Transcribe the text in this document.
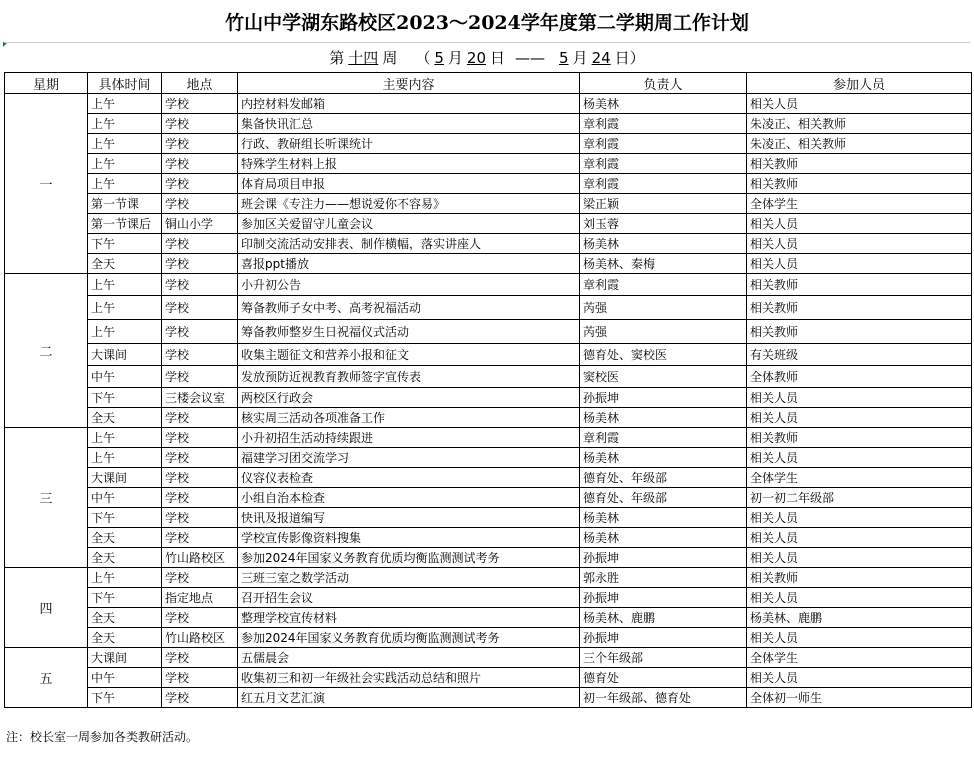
竹山中学湖东路校区2023～2024学年度第二学期周工作计划
第 十四 周 （ 5 月 20 日 —— 5 月 24 日 ）
星期	具体时间	地点	主要内容	负责人	参加人员
一	上午	学校	内控材料发邮箱	杨美林	相关人员
	上午	学校	集备快讯汇总	章利霞	朱凌正、相关教师
	上午	学校	行政、教研组长听课统计	章利霞	朱凌正、相关教师
	上午	学校	特殊学生材料上报	章利霞	相关教师
	上午	学校	体育局项目申报	章利霞	相关教师
	第一节课	学校	班会课《专注力——想说爱你不容易》	梁正颖	全体学生
	第一节课后	铜山小学	参加区关爱留守儿童会议	刘玉蓉	相关人员
	下午	学校	印制交流活动安排表、制作横幅，落实讲座人	杨美林	相关人员
	全天	学校	喜报ppt播放	杨美林、秦梅	相关人员
二	上午	学校	小升初公告	章利霞	相关教师
	上午	学校	筹备教师子女中考、高考祝福活动	芮强	相关教师
	上午	学校	筹备教师整岁生日祝福仪式活动	芮强	相关教师
	大课间	学校	收集主题征文和营养小报和征文	德育处、窦校医	有关班级
	中午	学校	发放预防近视教育教师签字宣传表	窦校医	全体教师
	下午	三楼会议室	两校区行政会	孙振坤	相关人员
	全天	学校	核实周三活动各项准备工作	杨美林	相关人员
三	上午	学校	小升初招生活动持续跟进	章利霞	相关教师
	上午	学校	福建学习团交流学习	杨美林	相关人员
	大课间	学校	仪容仪表检查	德育处、年级部	全体学生
	中午	学校	小组自治本检查	德育处、年级部	初一初二年级部
	下午	学校	快讯及报道编写	杨美林	相关人员
	全天	学校	学校宣传影像资料搜集	杨美林	相关人员
	全天	竹山路校区	参加2024年国家义务教育优质均衡监测测试考务	孙振坤	相关人员
四	上午	学校	三班三室之数学活动	郭永胜	相关教师
	下午	指定地点	召开招生会议	孙振坤	相关人员
	全天	学校	整理学校宣传材料	杨美林、鹿鹏	杨美林、鹿鹏
	全天	竹山路校区	参加2024年国家义务教育优质均衡监测测试考务	孙振坤	相关人员
五	大课间	学校	五儒晨会	三个年级部	全体学生
	中午	学校	收集初三和初一年级社会实践活动总结和照片	德育处	相关人员
	下午	学校	红五月文艺汇演	初一年级部、德育处	全体初一师生
注：校长室一周参加各类教研活动。
